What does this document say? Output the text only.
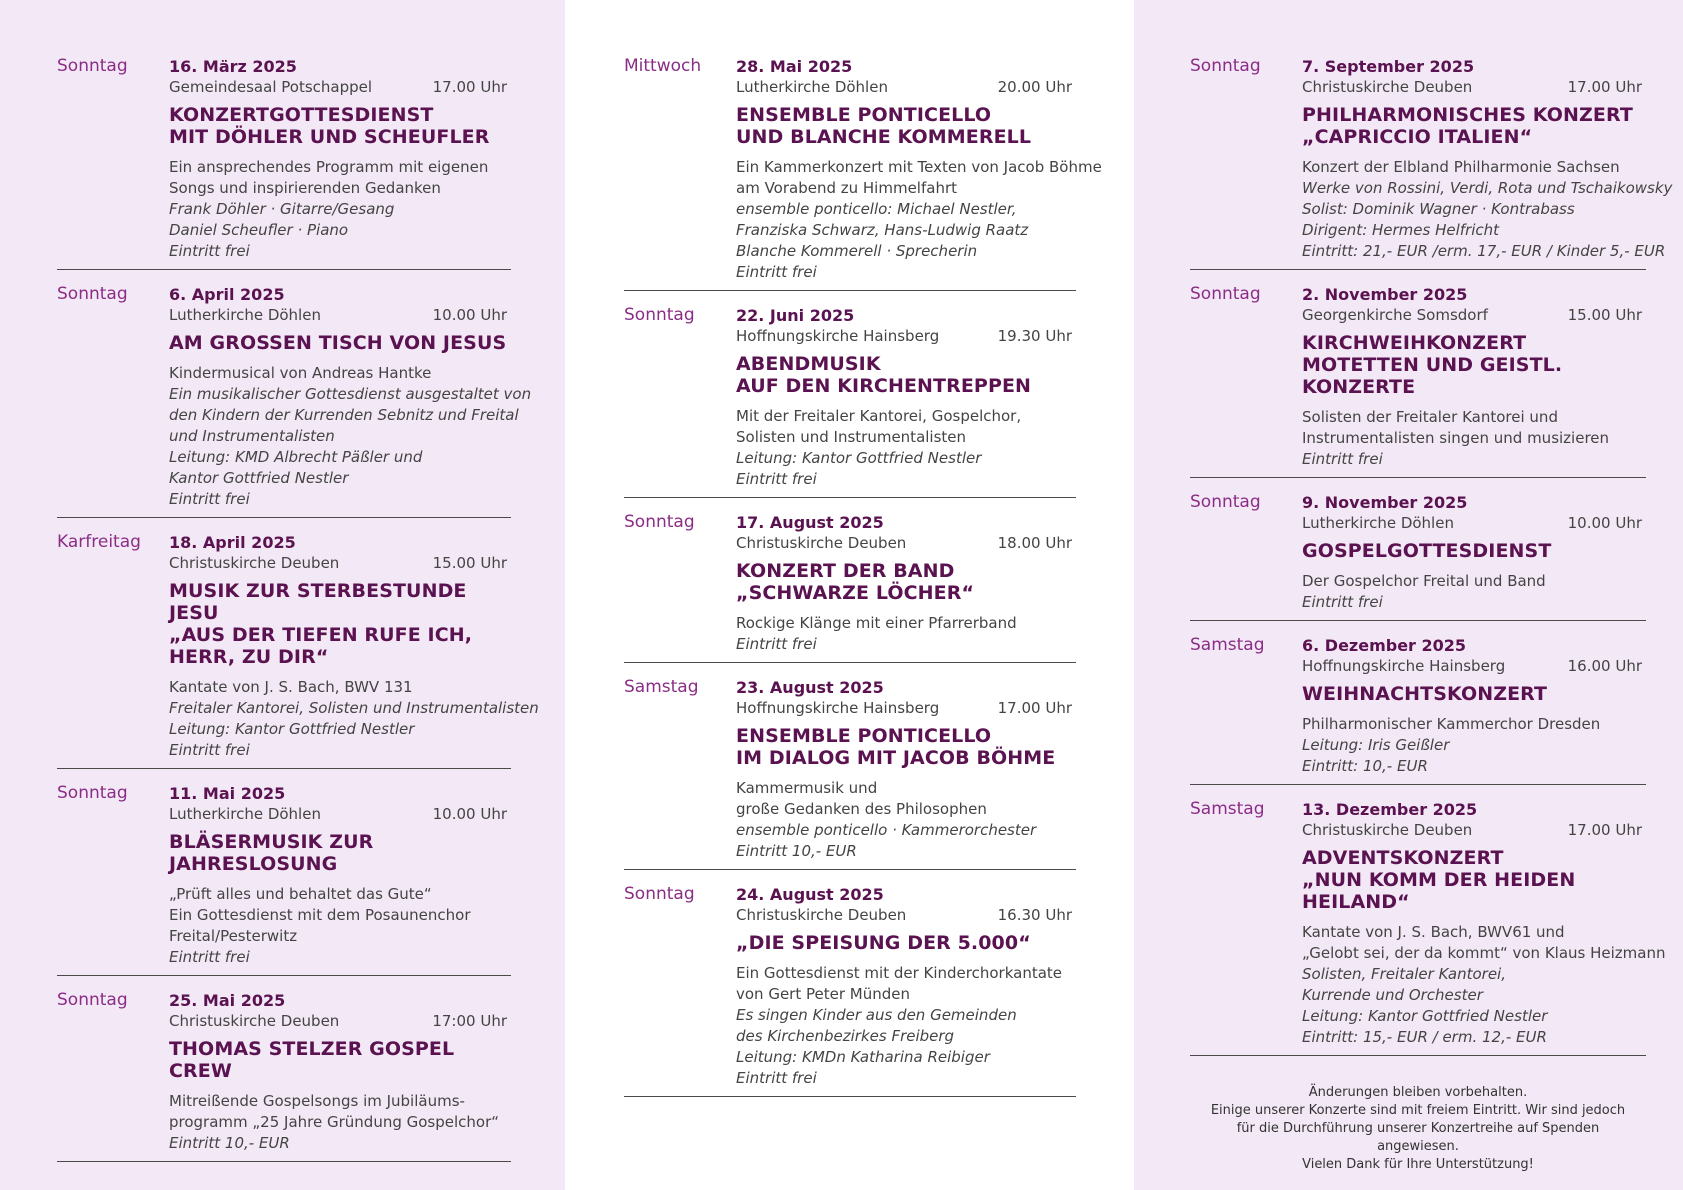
Sonntag	16. März 2025
Gemeindesaal Potschappel	17.00 Uhr
KONZERTGOTTESDIENST
MIT DÖHLER UND SCHEUFLER
Ein ansprechendes Programm mit eigenen
Songs und inspirierenden Gedanken
Frank Döhler · Gitarre/Gesang
Daniel Scheufler · Piano
Eintritt frei
Sonntag	6. April 2025
Lutherkirche Döhlen	10.00 Uhr
AM GROSSEN TISCH VON JESUS
Kindermusical von Andreas Hantke
Ein musikalischer Gottesdienst ausgestaltet von
den Kindern der Kurrenden Sebnitz und Freital
und Instrumentalisten
Leitung: KMD Albrecht Päßler und
Kantor Gottfried Nestler
Eintritt frei
Karfreitag 18. April 2025
Christuskirche Deuben	15.00 Uhr
MUSIK ZUR STERBESTUNDE JESU
„AUS DER TIEFEN RUFE ICH,
HERR, ZU DIR“
Kantate von J. S. Bach, BWV 131
Freitaler Kantorei, Solisten und Instrumentalisten
Leitung: Kantor Gottfried Nestler
Eintritt frei
Sonntag	11. Mai 2025
Lutherkirche Döhlen	10.00 Uhr
BLÄSERMUSIK ZUR JAHRESLOSUNG
„Prüft alles und behaltet das Gute“
Ein Gottesdienst mit dem Posaunenchor
Freital/Pesterwitz
Eintritt frei
Sonntag	25. Mai 2025
Christuskirche Deuben	17:00 Uhr
THOMAS STELZER GOSPEL CREW
Mitreißende Gospelsongs im Jubiläums-
programm „25 Jahre Gründung Gospelchor“
Eintritt 10,- EUR
Mittwoch 28. Mai 2025
Lutherkirche Döhlen	20.00 Uhr
ENSEMBLE PONTICELLO
UND BLANCHE KOMMERELL
Ein Kammerkonzert mit Texten von Jacob Böhme
am Vorabend zu Himmelfahrt
ensemble ponticello: Michael Nestler,
Franziska Schwarz, Hans-Ludwig Raatz
Blanche Kommerell · Sprecherin
Eintritt frei
Sonntag	22. Juni 2025
Hoffnungskirche Hainsberg	19.30 Uhr
ABENDMUSIK
AUF DEN KIRCHENTREPPEN
Mit der Freitaler Kantorei, Gospelchor,
Solisten und Instrumentalisten
Leitung: Kantor Gottfried Nestler
Eintritt frei
Sonntag	17. August 2025
Christuskirche Deuben	18.00 Uhr
KONZERT DER BAND
„SCHWARZE LÖCHER“
Rockige Klänge mit einer Pfarrerband
Eintritt frei
Samstag 23. August 2025
Hoffnungskirche Hainsberg	17.00 Uhr
ENSEMBLE PONTICELLO
IM DIALOG MIT JACOB BÖHME
Kammermusik und
große Gedanken des Philosophen
ensemble ponticello · Kammerorchester
Eintritt 10,- EUR
Sonntag	24. August 2025
Christuskirche Deuben	16.30 Uhr
„DIE SPEISUNG DER 5.000“
Ein Gottesdienst mit der Kinderchorkantate
von Gert Peter Münden
Es singen Kinder aus den Gemeinden
des Kirchenbezirkes Freiberg
Leitung: KMDn Katharina Reibiger
Eintritt frei
Sonntag	7. September 2025
Christuskirche Deuben	17.00 Uhr
PHILHARMONISCHES KONZERT
„CAPRICCIO ITALIEN“
Konzert der Elbland Philharmonie Sachsen
Werke von Rossini, Verdi, Rota und Tschaikowsky
Solist: Dominik Wagner · Kontrabass
Dirigent: Hermes Helfricht
Eintritt: 21,- EUR /erm. 17,- EUR / Kinder 5,- EUR
Sonntag	2. November 2025
Georgenkirche Somsdorf	15.00 Uhr
KIRCHWEIHKONZERT
MOTETTEN UND GEISTL. KONZERTE
Solisten der Freitaler Kantorei und
Instrumentalisten singen und musizieren
Eintritt frei
Sonntag	9. November 2025
Lutherkirche Döhlen	10.00 Uhr
GOSPELGOTTESDIENST
Der Gospelchor Freital und Band
Eintritt frei
Samstag 6. Dezember 2025
Hoffnungskirche Hainsberg	16.00 Uhr
WEIHNACHTSKONZERT
Philharmonischer Kammerchor Dresden
Leitung: Iris Geißler
Eintritt: 10,- EUR
Samstag 13. Dezember 2025
Christuskirche Deuben	17.00 Uhr
ADVENTSKONZERT
„NUN KOMM DER HEIDEN HEILAND“
Kantate von J. S. Bach, BWV61 und
„Gelobt sei, der da kommt“ von Klaus Heizmann
Solisten, Freitaler Kantorei,
Kurrende und Orchester
Leitung: Kantor Gottfried Nestler
Eintritt: 15,- EUR / erm. 12,- EUR
Änderungen bleiben vorbehalten.
Einige unserer Konzerte sind mit freiem Eintritt. Wir sind jedoch
für die Durchführung unserer Konzertreihe auf Spenden angewiesen.
Vielen Dank für Ihre Unterstützung!
